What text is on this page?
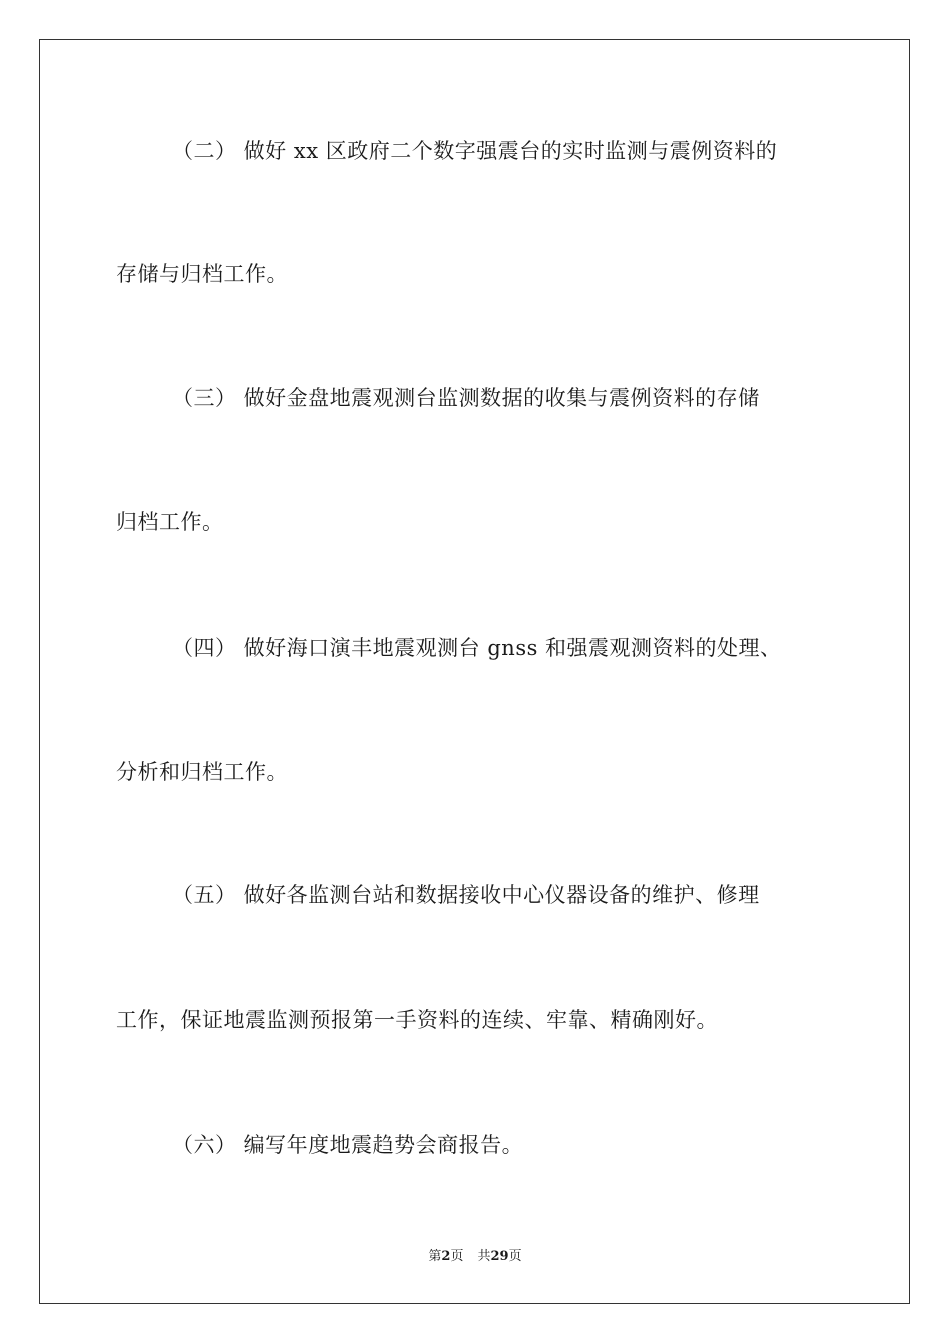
（二） 做好 xx 区政府二个数字强震台的实时监测与震例资料的
存储与归档工作。
（三） 做好金盘地震观测台监测数据的收集与震例资料的存储
归档工作。
（四） 做好海口演丰地震观测台 gnss 和强震观测资料的处理、
分析和归档工作。
（五） 做好各监测台站和数据接收中心仪器设备的维护、修理
工作，保证地震监测预报第一手资料的连续、牢靠、精确刚好。
（六） 编写年度地震趋势会商报告。
第2页 共29页
